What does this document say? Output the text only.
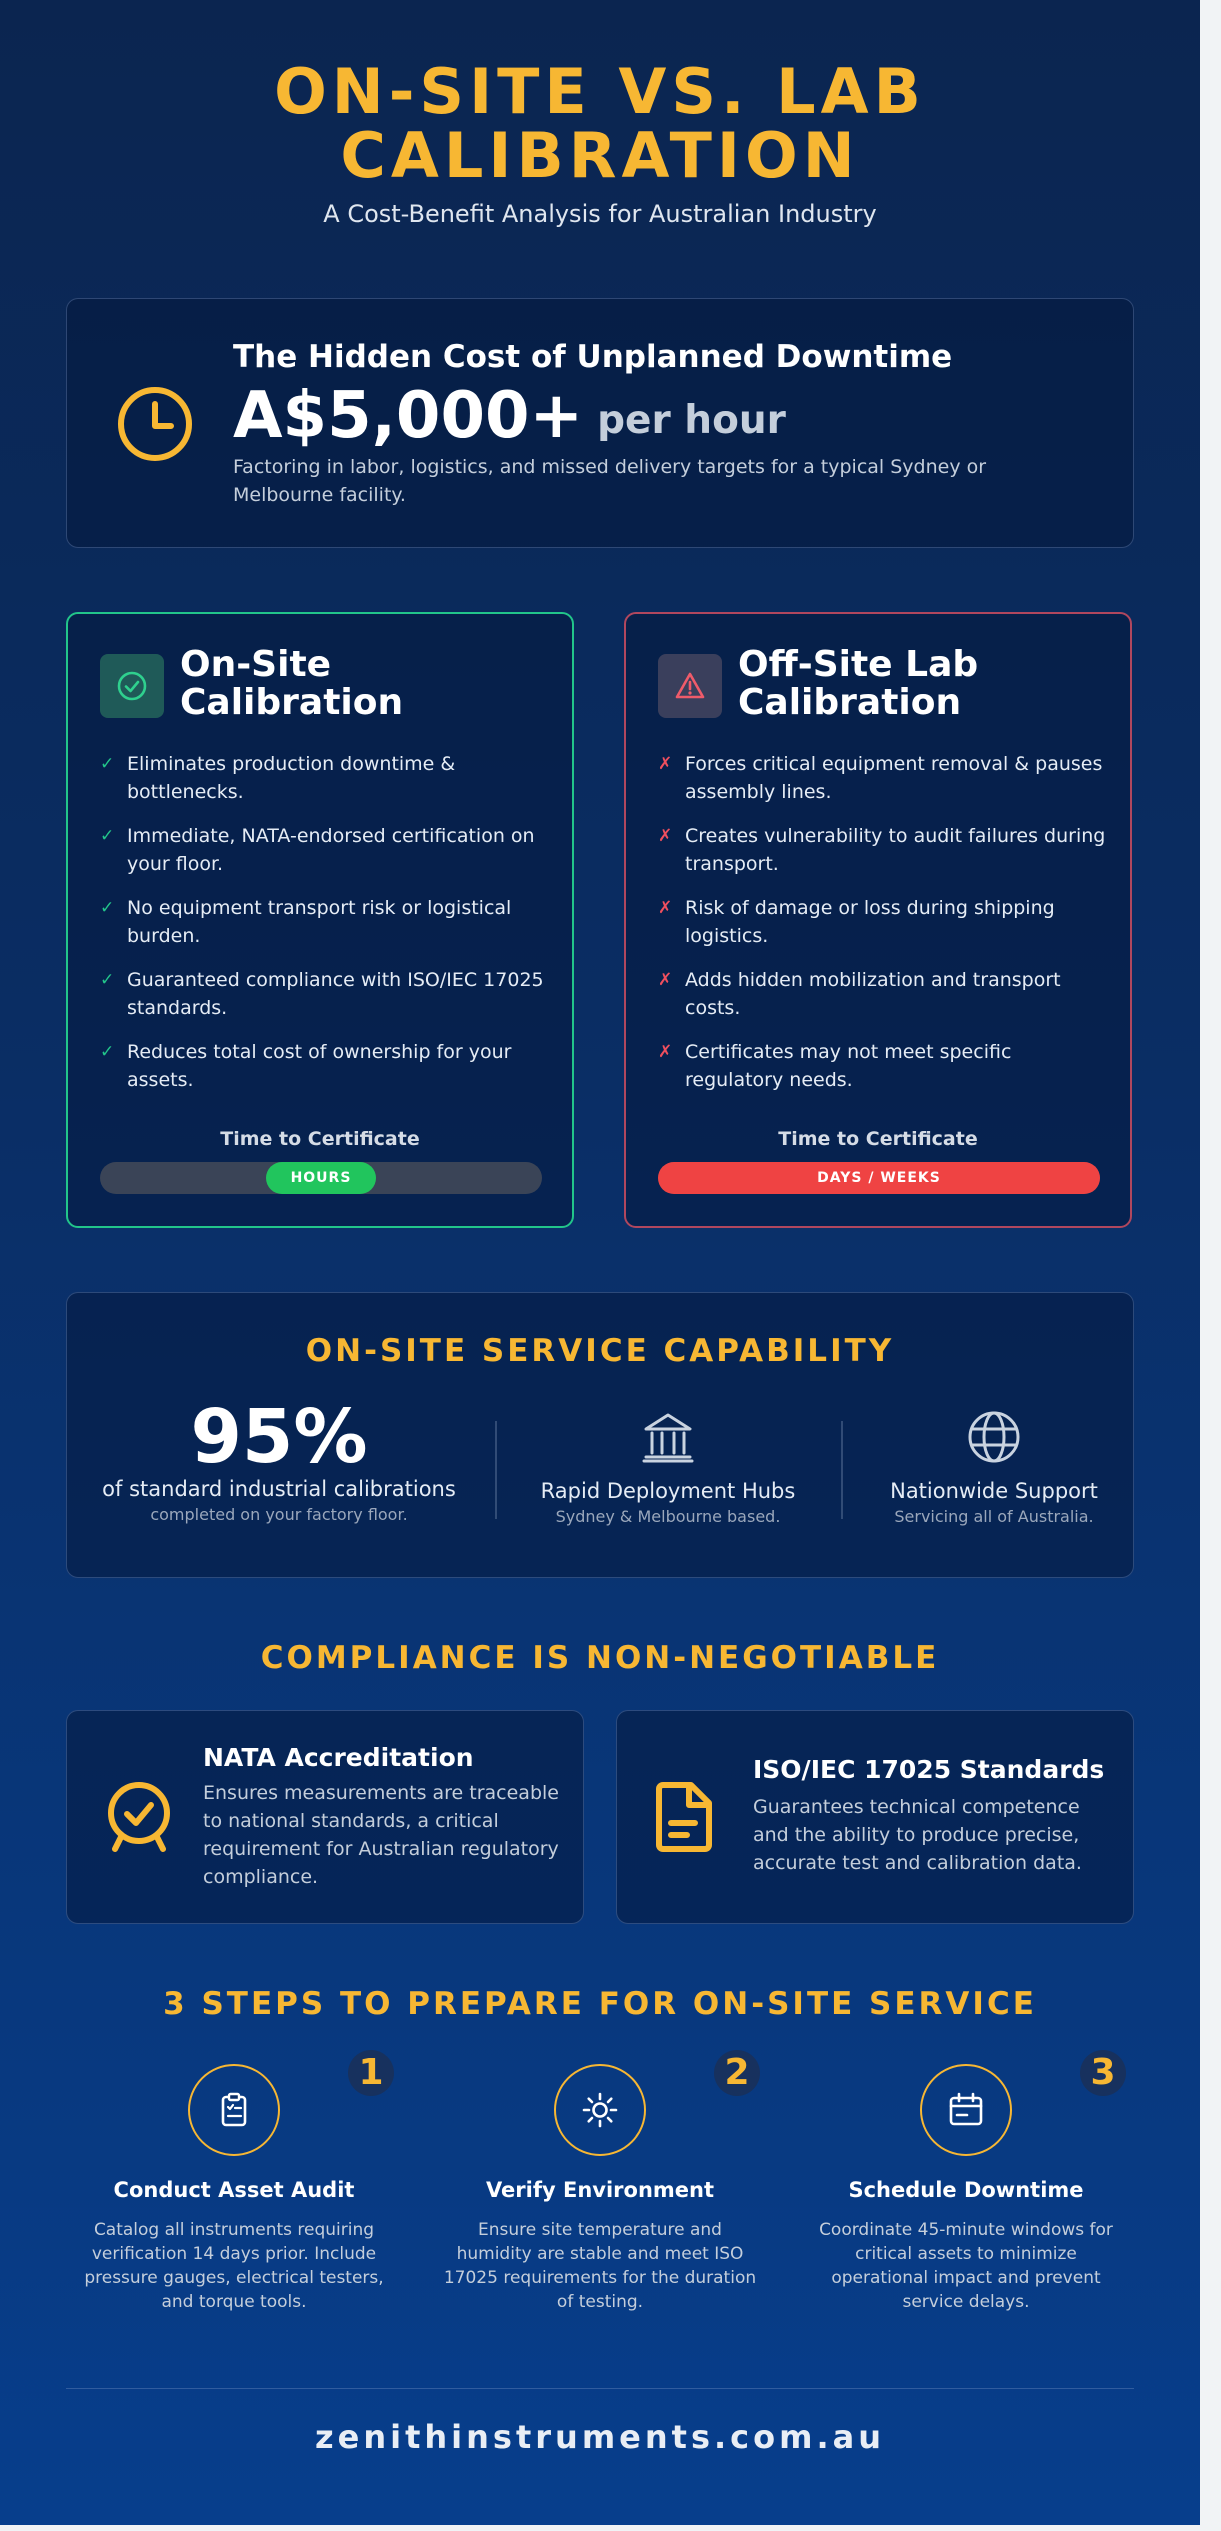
ON-SITE VS. LAB
CALIBRATION
A Cost-Benefit Analysis for Australian Industry
The Hidden Cost of Unplanned Downtime
A$5,000+ per hour
Factoring in labor, logistics, and missed delivery targets for a typical Sydney or Melbourne facility.
On-Site Calibration
✓ Eliminates production downtime & bottlenecks.
✓ Immediate, NATA-endorsed certification on your floor.
✓ No equipment transport risk or logistical burden.
✓ Guaranteed compliance with ISO/IEC 17025 standards.
✓ Reduces total cost of ownership for your assets.
Time to Certificate
HOURS
Off-Site Lab Calibration
✗ Forces critical equipment removal & pauses assembly lines.
✗ Creates vulnerability to audit failures during transport.
✗ Risk of damage or loss during shipping logistics.
✗ Adds hidden mobilization and transport costs.
✗ Certificates may not meet specific regulatory needs.
Time to Certificate
DAYS / WEEKS
ON-SITE SERVICE CAPABILITY
95%
of standard industrial calibrations
completed on your factory floor.
Rapid Deployment Hubs
Sydney & Melbourne based.
Nationwide Support
Servicing all of Australia.
COMPLIANCE IS NON-NEGOTIABLE
NATA Accreditation
Ensures measurements are traceable to national standards, a critical requirement for Australian regulatory compliance.
ISO/IEC 17025 Standards
Guarantees technical competence and the ability to produce precise, accurate test and calibration data.
3 STEPS TO PREPARE FOR ON-SITE SERVICE
1
Conduct Asset Audit
Catalog all instruments requiring verification 14 days prior. Include pressure gauges, electrical testers, and torque tools.
2
Verify Environment
Ensure site temperature and humidity are stable and meet ISO 17025 requirements for the duration of testing.
3
Schedule Downtime
Coordinate 45-minute windows for critical assets to minimize operational impact and prevent service delays.
zenithinstruments.com.au
